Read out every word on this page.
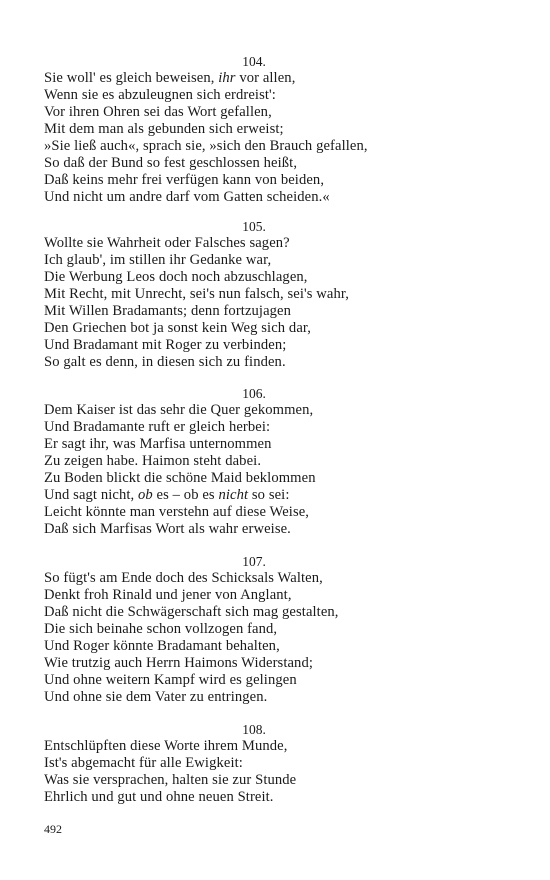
104.
Sie woll' es gleich beweisen, ihr vor allen,
Wenn sie es abzuleugnen sich erdreist':
Vor ihren Ohren sei das Wort gefallen,
Mit dem man als gebunden sich erweist;
»Sie ließ auch«, sprach sie, »sich den Brauch gefallen,
So daß der Bund so fest geschlossen heißt,
Daß keins mehr frei verfügen kann von beiden,
Und nicht um andre darf vom Gatten scheiden.«
105.
Wollte sie Wahrheit oder Falsches sagen?
Ich glaub', im stillen ihr Gedanke war,
Die Werbung Leos doch noch abzuschlagen,
Mit Recht, mit Unrecht, sei's nun falsch, sei's wahr,
Mit Willen Bradamants; denn fortzujagen
Den Griechen bot ja sonst kein Weg sich dar,
Und Bradamant mit Roger zu verbinden;
So galt es denn, in diesen sich zu finden.
106.
Dem Kaiser ist das sehr die Quer gekommen,
Und Bradamante ruft er gleich herbei:
Er sagt ihr, was Marfisa unternommen
Zu zeigen habe. Haimon steht dabei.
Zu Boden blickt die schöne Maid beklommen
Und sagt nicht, ob es – ob es nicht so sei:
Leicht könnte man verstehn auf diese Weise,
Daß sich Marfisas Wort als wahr erweise.
107.
So fügt's am Ende doch des Schicksals Walten,
Denkt froh Rinald und jener von Anglant,
Daß nicht die Schwägerschaft sich mag gestalten,
Die sich beinahe schon vollzogen fand,
Und Roger könnte Bradamant behalten,
Wie trutzig auch Herrn Haimons Widerstand;
Und ohne weitern Kampf wird es gelingen
Und ohne sie dem Vater zu entringen.
108.
Entschlüpften diese Worte ihrem Munde,
Ist's abgemacht für alle Ewigkeit:
Was sie versprachen, halten sie zur Stunde
Ehrlich und gut und ohne neuen Streit.
492
